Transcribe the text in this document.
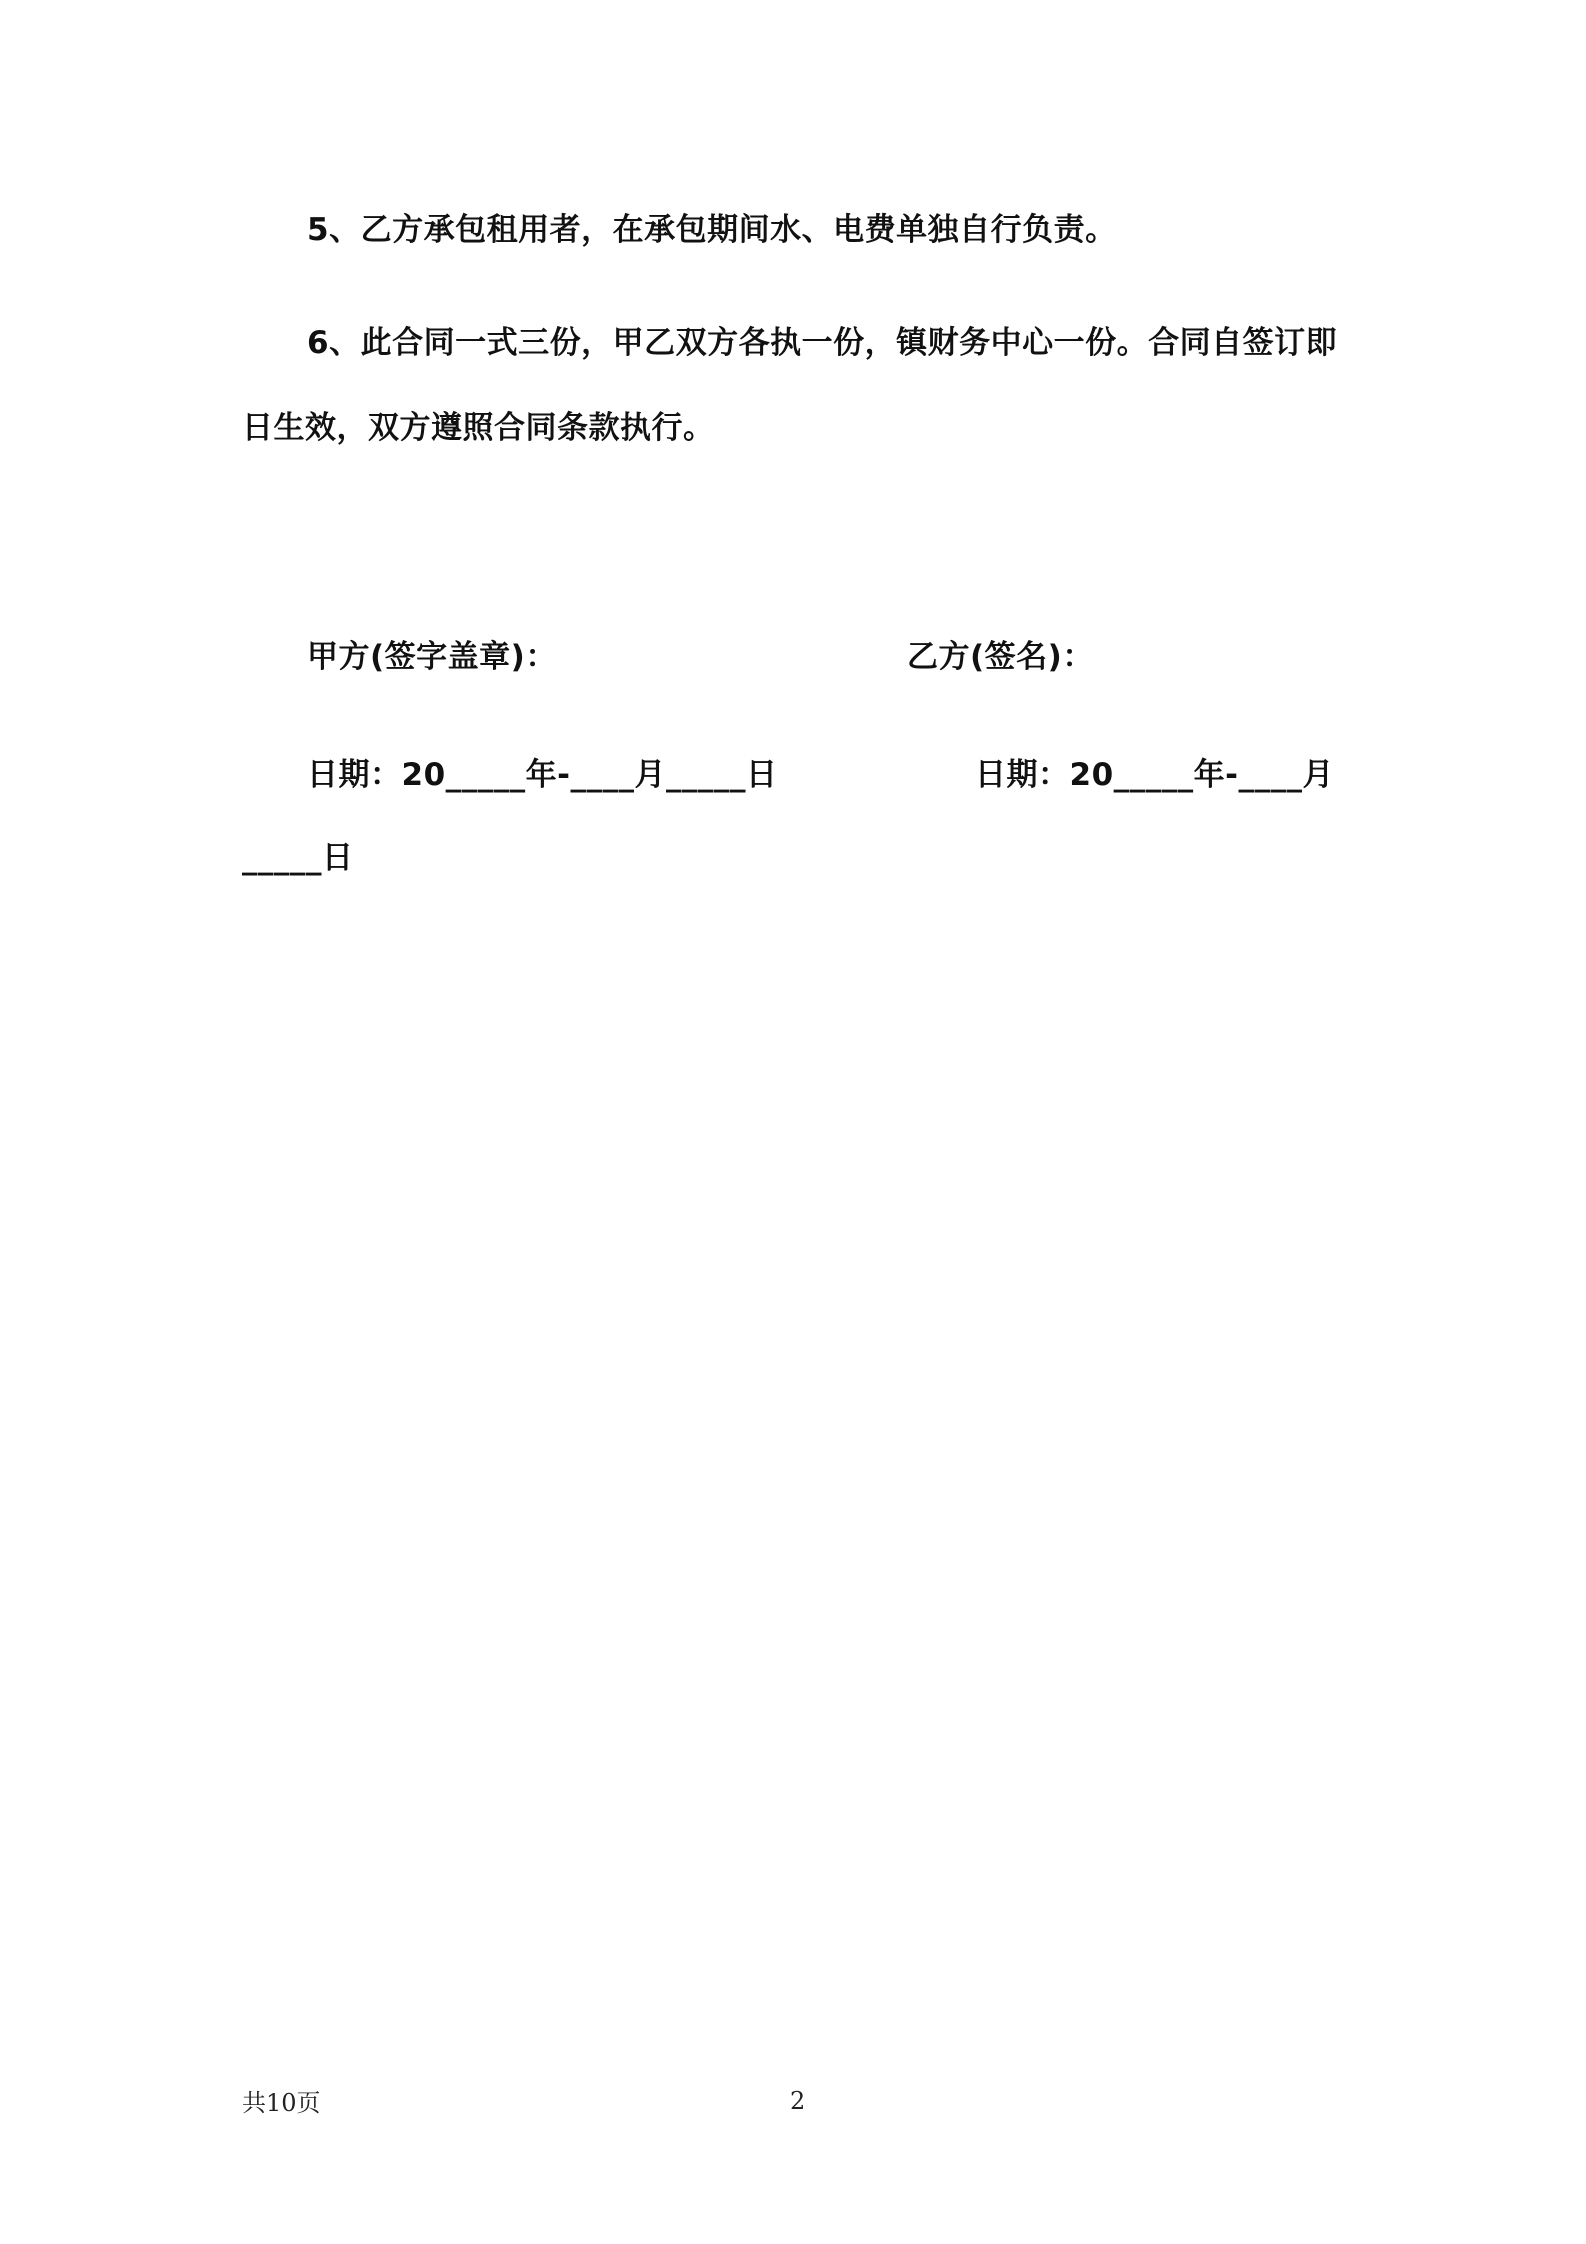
5、乙方承包租用者，在承包期间水、电费单独自行负责。
6、此合同一式三份，甲乙双方各执一份，镇财务中心一份。合同自签订即
日生效，双方遵照合同条款执行。
甲方(签字盖章)：	乙方(签名)：
日期：20_____年-____月_____日	日期：20_____年-____月
_____日
共10页	2
